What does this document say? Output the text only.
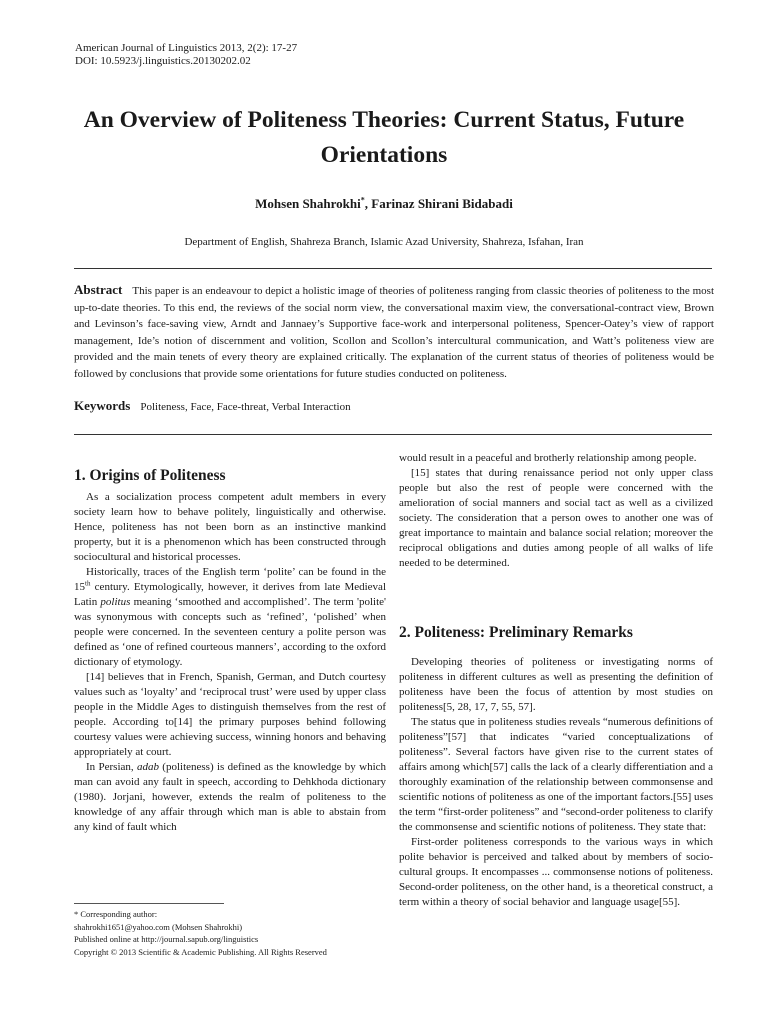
American Journal of Linguistics 2013, 2(2): 17-27
DOI: 10.5923/j.linguistics.20130202.02
An Overview of Politeness Theories: Current Status, Future Orientations
Mohsen Shahrokhi*, Farinaz Shirani Bidabadi
Department of English, Shahreza Branch, Islamic Azad University, Shahreza, Isfahan, Iran
Abstract This paper is an endeavour to depict a holistic image of theories of politeness ranging from classic theories of politeness to the most up-to-date theories. To this end, the reviews of the social norm view, the conversational maxim view, the conversational-contract view, Brown and Levinson’s face-saving view, Arndt and Jannaey’s Supportive face-work and interpersonal politeness, Spencer-Oatey’s view of rapport management, Ide’s notion of discernment and volition, Scollon and Scollon’s intercultural communication, and Watt’s politeness view are provided and the main tenets of every theory are explained critically. The explanation of the current status of theories of politeness would be followed by conclusions that provide some orientations for future studies conducted on politeness.
Keywords Politeness, Face, Face-threat, Verbal Interaction
1. Origins of Politeness

As a socialization process competent adult members in every society learn how to behave politely, linguistically and otherwise. Hence, politeness has not been born as an instinctive mankind property, but it is a phenomenon which has been constructed through sociocultural and historical processes.

Historically, traces of the English term ‘polite’ can be found in the 15th century. Etymologically, however, it derives from late Medieval Latin politus meaning ‘smoothed and accomplished’. The term 'polite' was synonymous with concepts such as ‘refined’, ‘polished’ when people were concerned. In the seventeen century a polite person was defined as ‘one of refined courteous manners’, according to the oxford dictionary of etymology.

[14] believes that in French, Spanish, German, and Dutch courtesy values such as ‘loyalty’ and ‘reciprocal trust’ were used by upper class people in the Middle Ages to distinguish themselves from the rest of people. According to[14] the primary purposes behind following courtesy values were achieving success, winning honors and behaving appropriately at court.

In Persian, adab (politeness) is defined as the knowledge by which man can avoid any fault in speech, according to Dehkhoda dictionary (1980). Jorjani, however, extends the realm of politeness to the knowledge of any affair through which man is able to abstain from any kind of fault which

would result in a peaceful and brotherly relationship among people.

[15] states that during renaissance period not only upper class people but also the rest of people were concerned with the amelioration of social manners and social tact as well as a civilized society. The consideration that a person owes to another one was of great importance to maintain and balance social relation; moreover the reciprocal obligations and duties among people of all walks of life needed to be determined.

2. Politeness: Preliminary Remarks

Developing theories of politeness or investigating norms of politeness in different cultures as well as presenting the definition of politeness have been the focus of attention by most studies on politeness[5, 28, 17, 7, 55, 57].

The status que in politeness studies reveals “numerous definitions of politeness”[57] that indicates “varied conceptualizations of politeness”. Several factors have given rise to the current states of affairs among which[57] calls the lack of a clearly differentiation and a thoroughly examination of the relationship between commonsense and scientific notions of politeness as one of the important factors.[55] uses the term “first-order politeness” and “second-order politeness to clarify the commonsense and scientific notions of politeness. They state that:

First-order politeness corresponds to the various ways in which polite behavior is perceived and talked about by members of socio-cultural groups. It encompasses ... commonsense notions of politeness. Second-order politeness, on the other hand, is a theoretical construct, a term within a theory of social behavior and language usage[55].

* Corresponding author:
shahrokhi1651@yahoo.com (Mohsen Shahrokhi)
Published online at http://journal.sapub.org/linguistics
Copyright © 2013 Scientific & Academic Publishing. All Rights Reserved
